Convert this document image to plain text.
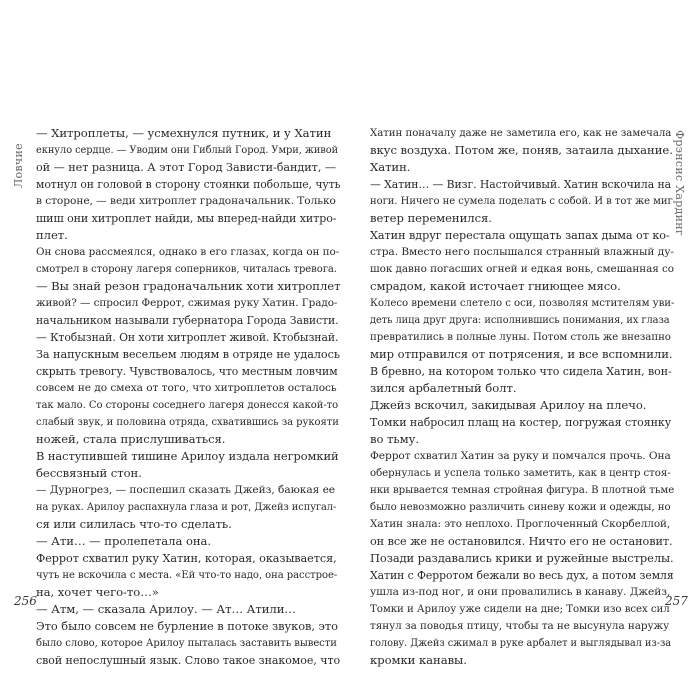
Ловчие
— Хитроплеты, — усмехнулся путник, и у Хатин
екнуло сердце. — Уводим они Гиблый Город. Умри, живой
ой — нет разница. А этот Город Зависти-бандит, —
мотнул он головой в сторону стоянки побольше, чуть
в стороне, — веди хитроплет градоначальник. Только
шиш они хитроплет найди, мы вперед-найди хитро-
плет.
Он снова рассмеялся, однако в его глазах, когда он по-
смотрел в сторону лагеря соперников, читалась тревога.
— Вы знай резон градоначальник хоти хитроплет
живой? — спросил Феррот, сжимая руку Хатин. Градо-
начальником называли губернатора Города Зависти.
— Ктобызнай. Он хоти хитроплет живой. Ктобызнай.
За напускным весельем людям в отряде не удалось
скрыть тревогу. Чувствовалось, что местным ловчим
совсем не до смеха от того, что хитроплетов осталось
так мало. Со стороны соседнего лагеря донесся какой-то
слабый звук, и половина отряда, схватившись за рукояти
ножей, стала прислушиваться.
В наступившей тишине Арилоу издала негромкий
бессвязный стон.
— Дурногрез, — поспешил сказать Джейз, баюкая ее
на руках. Арилоу распахнула глаза и рот, Джейз испугал-
ся или силилась что-то сделать.
— Ати… — пролепетала она.
Феррот схватил руку Хатин, которая, оказывается,
чуть не вскочила с места. «Ей что-то надо, она расстроe-
на, хочет чего-то…»
— Атм, — сказала Арилоу. — Ат… Атили…
Это было совсем не бурление в потоке звуков, это
было слово, которое Арилоу пыталась заставить вывести
свой непослушный язык. Слово такое знакомое, что
256
Фрэнсис Хардинг
Хатин поначалу даже не заметила его, как не замечала
вкус воздуха. Потом же, поняв, затаила дыхание.
Хатин.
— Хатин… — Визг. Настойчивый. Хатин вскочила на
ноги. Ничего не сумела поделать с собой. И в тот же миг
ветер переменился.
Хатин вдруг перестала ощущать запах дыма от ко-
стра. Вместо него послышался странный влажный ду-
шок давно погасших огней и едкая вонь, смешанная со
смрадом, какой источает гниющее мясо.
Колесо времени слетело с оси, позволяя мстителям уви-
деть лица друг друга: исполнившись понимания, их глаза
превратились в полные луны. Потом столь же внезапно
мир отправился от потрясения, и все вспомнили.
В бревно, на котором только что сидела Хатин, вон-
зился арбалетный болт.
Джейз вскочил, закидывая Арилоу на плечо.
Томки набросил плащ на костер, погружая стоянку
во тьму.
Феррот схватил Хатин за руку и помчался прочь. Она
обернулась и успела только заметить, как в центр стоя-
нки врывается темная стройная фигура. В плотной тьме
было невозможно различить синеву кожи и одежды, но
Хатин знала: это неплохо. Проглоченный Скорбеллой,
он все же не остановился. Ничто его не остановит.
Позади раздавались крики и ружейные выстрелы.
Хатин с Ферротом бежали во весь дух, а потом земля
ушла из-под ног, и они провалились в канаву. Джейз,
Томки и Арилоу уже сидели на дне; Томки изо всех сил
тянул за поводья птицу, чтобы та не высунула наружу
голову. Джейз сжимал в руке арбалет и выглядывал из-за
кромки канавы.
257
